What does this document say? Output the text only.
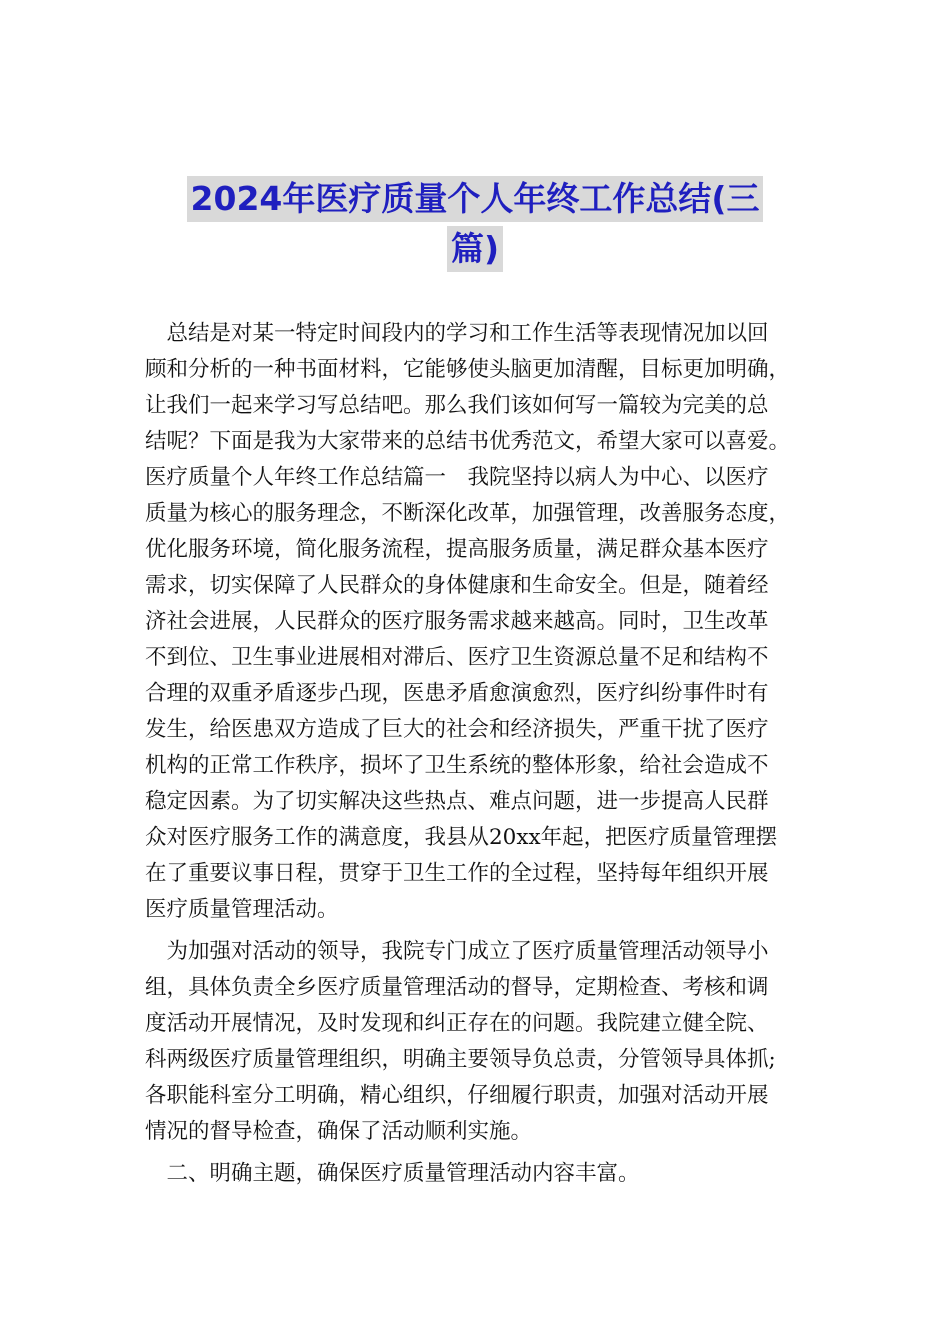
2024年医疗质量个人年终工作总结(三
篇)
　总结是对某一特定时间段内的学习和工作生活等表现情况加以回
顾和分析的一种书面材料，它能够使头脑更加清醒，目标更加明确，
让我们一起来学习写总结吧。那么我们该如何写一篇较为完美的总
结呢？下面是我为大家带来的总结书优秀范文，希望大家可以喜爱。
医疗质量个人年终工作总结篇一　我院坚持以病人为中心、以医疗
质量为核心的服务理念，不断深化改革，加强管理，改善服务态度，
优化服务环境，简化服务流程，提高服务质量，满足群众基本医疗
需求，切实保障了人民群众的身体健康和生命安全。但是，随着经
济社会进展，人民群众的医疗服务需求越来越高。同时，卫生改革
不到位、卫生事业进展相对滞后、医疗卫生资源总量不足和结构不
合理的双重矛盾逐步凸现，医患矛盾愈演愈烈，医疗纠纷事件时有
发生，给医患双方造成了巨大的社会和经济损失，严重干扰了医疗
机构的正常工作秩序，损坏了卫生系统的整体形象，给社会造成不
稳定因素。为了切实解决这些热点、难点问题，进一步提高人民群
众对医疗服务工作的满意度，我县从20xx年起，把医疗质量管理摆
在了重要议事日程，贯穿于卫生工作的全过程，坚持每年组织开展
医疗质量管理活动。
　为加强对活动的领导，我院专门成立了医疗质量管理活动领导小
组，具体负责全乡医疗质量管理活动的督导，定期检查、考核和调
度活动开展情况，及时发现和纠正存在的问题。我院建立健全院、
科两级医疗质量管理组织，明确主要领导负总责，分管领导具体抓;
各职能科室分工明确，精心组织，仔细履行职责，加强对活动开展
情况的督导检查，确保了活动顺利实施。
　二、明确主题，确保医疗质量管理活动内容丰富。
